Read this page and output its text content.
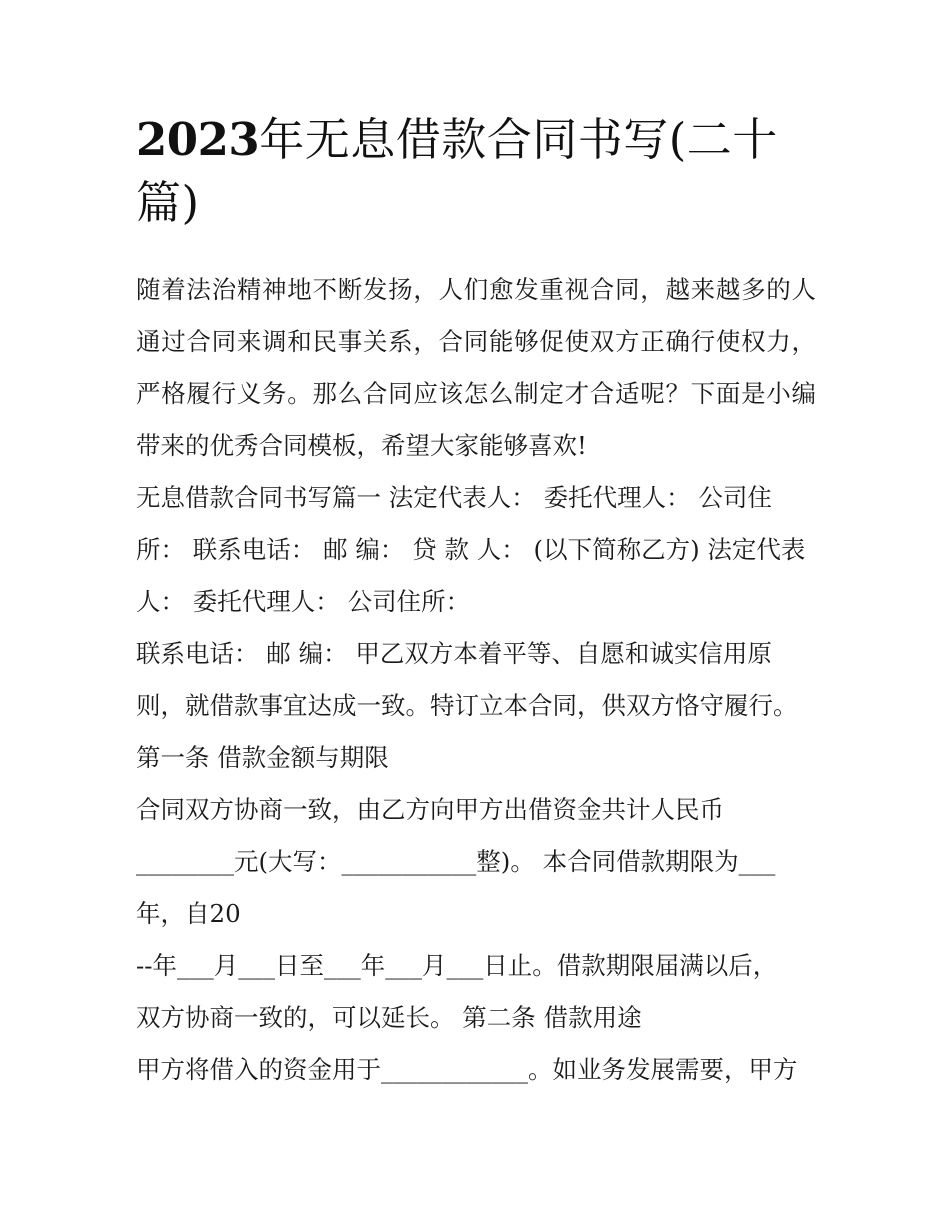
2023年无息借款合同书写(二十篇)

随着法治精神地不断发扬，人们愈发重视合同，越来越多的人通过合同来调和民事关系，合同能够促使双方正确行使权力，严格履行义务。那么合同应该怎么制定才合适呢？下面是小编带来的优秀合同模板，希望大家能够喜欢!

无息借款合同书写篇一 法定代表人： 委托代理人： 公司住

所： 联系电话： 邮 编： 贷 款 人： (以下简称乙方) 法定代表

人： 委托代理人： 公司住所：

联系电话： 邮 编： 甲乙双方本着平等、自愿和诚实信用原

则，就借款事宜达成一致。特订立本合同，供双方恪守履行。

第一条 借款金额与期限

合同双方协商一致，由乙方向甲方出借资金共计人民币

________元(大写：___________整)。 本合同借款期限为___

年，自20

--年___月___日至___年___月___日止。借款期限届满以后，

双方协商一致的，可以延长。 第二条 借款用途

甲方将借入的资金用于____________。如业务发展需要，甲方
